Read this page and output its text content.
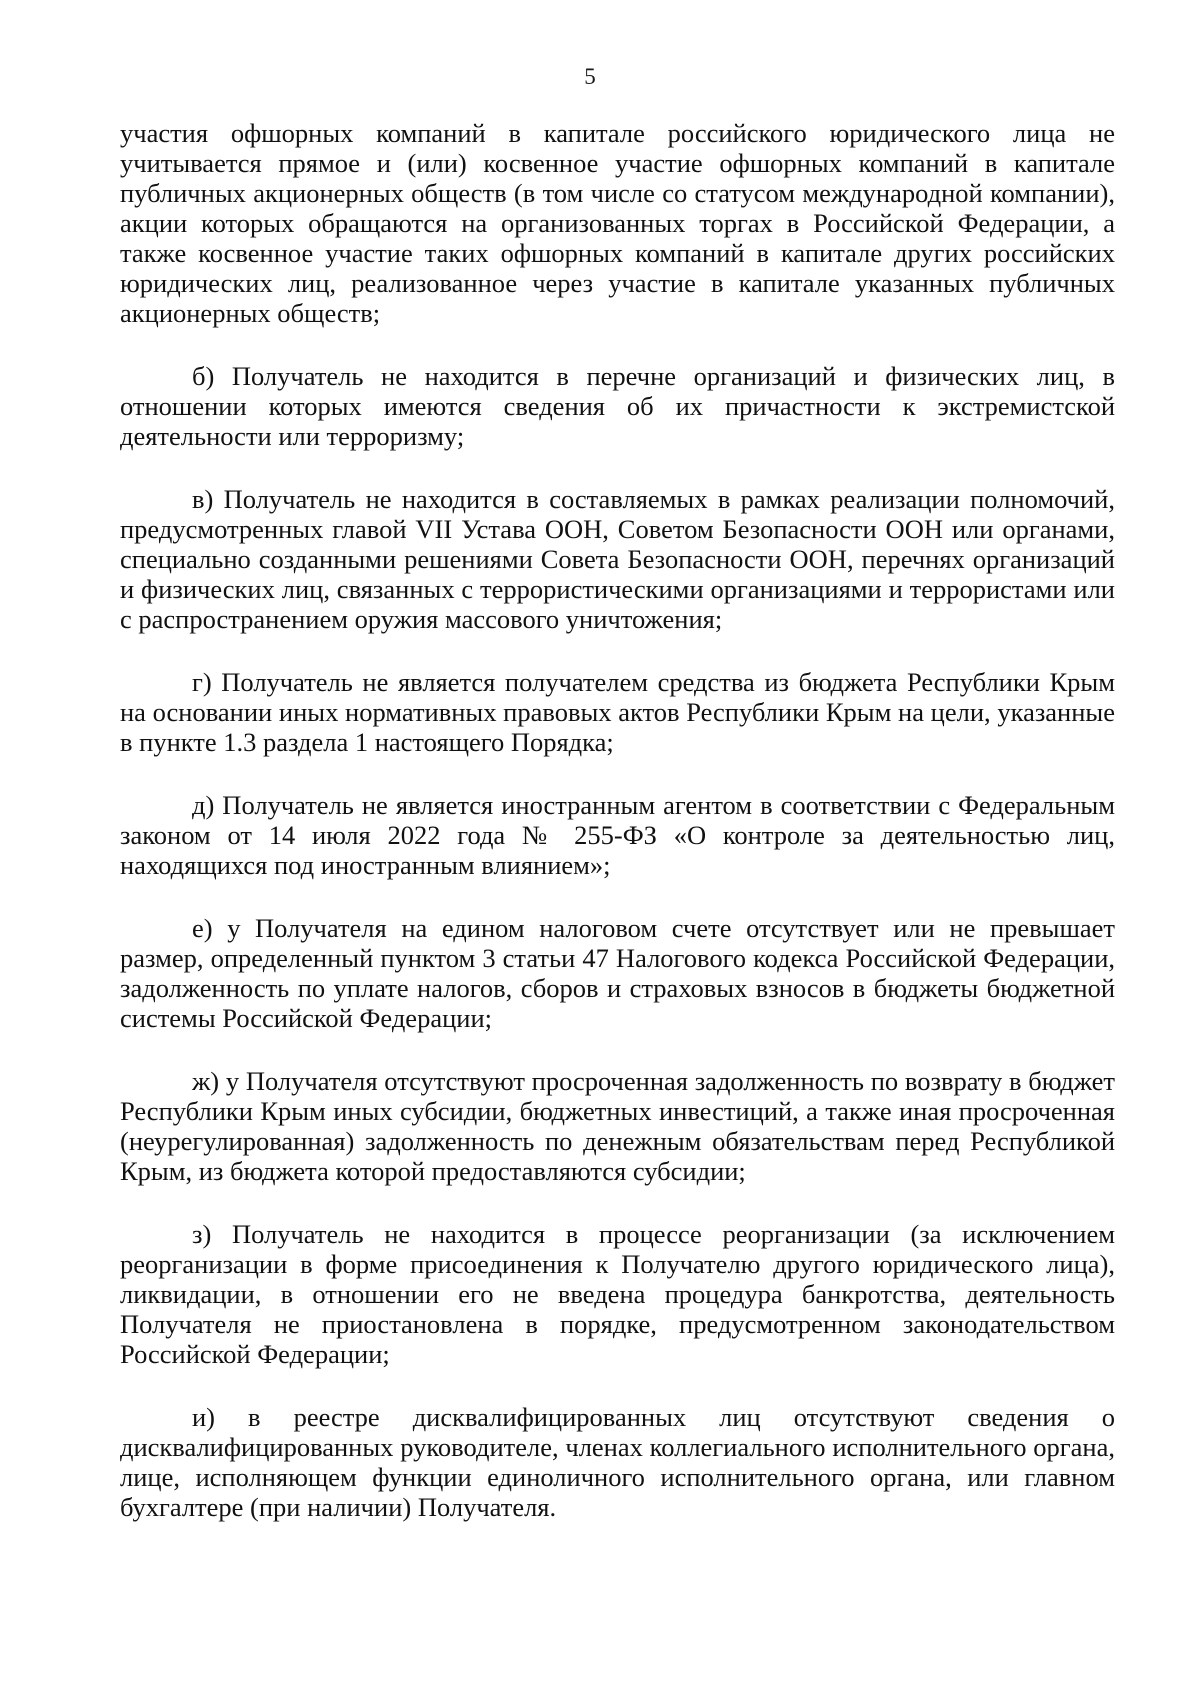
5

участия офшорных компаний в капитале российского юридического лица не учитывается прямое и (или) косвенное участие офшорных компаний в капитале публичных акционерных обществ (в том числе со статусом международной компании), акции которых обращаются на организованных торгах в Российской Федерации, а также косвенное участие таких офшорных компаний в капитале других российских юридических лиц, реализованное через участие в капитале указанных публичных акционерных обществ;

б) Получатель не находится в перечне организаций и физических лиц, в отношении которых имеются сведения об их причастности к экстремистской деятельности или терроризму;

в) Получатель не находится в составляемых в рамках реализации полномочий, предусмотренных главой VII Устава ООН, Советом Безопасности ООН или органами, специально созданными решениями Совета Безопасности ООН, перечнях организаций и физических лиц, связанных с террористическими организациями и террористами или с распространением оружия массового уничтожения;

г) Получатель не является получателем средства из бюджета Республики Крым на основании иных нормативных правовых актов Республики Крым на цели, указанные в пункте 1.3 раздела 1 настоящего Порядка;

д) Получатель не является иностранным агентом в соответствии с Федеральным законом от 14 июля 2022 года № 255-ФЗ «О контроле за деятельностью лиц, находящихся под иностранным влиянием»;

е) у Получателя на едином налоговом счете отсутствует или не превышает размер, определенный пунктом 3 статьи 47 Налогового кодекса Российской Федерации, задолженность по уплате налогов, сборов и страховых взносов в бюджеты бюджетной системы Российской Федерации;

ж) у Получателя отсутствуют просроченная задолженность по возврату в бюджет Республики Крым иных субсидии, бюджетных инвестиций, а также иная просроченная (неурегулированная) задолженность по денежным обязательствам перед Республикой Крым, из бюджета которой предоставляются субсидии;

з) Получатель не находится в процессе реорганизации (за исключением реорганизации в форме присоединения к Получателю другого юридического лица), ликвидации, в отношении его не введена процедура банкротства, деятельность Получателя не приостановлена в порядке, предусмотренном законодательством Российской Федерации;

и) в реестре дисквалифицированных лиц отсутствуют сведения о дисквалифицированных руководителе, членах коллегиального исполнительного органа, лице, исполняющем функции единоличного исполнительного органа, или главном бухгалтере (при наличии) Получателя.
